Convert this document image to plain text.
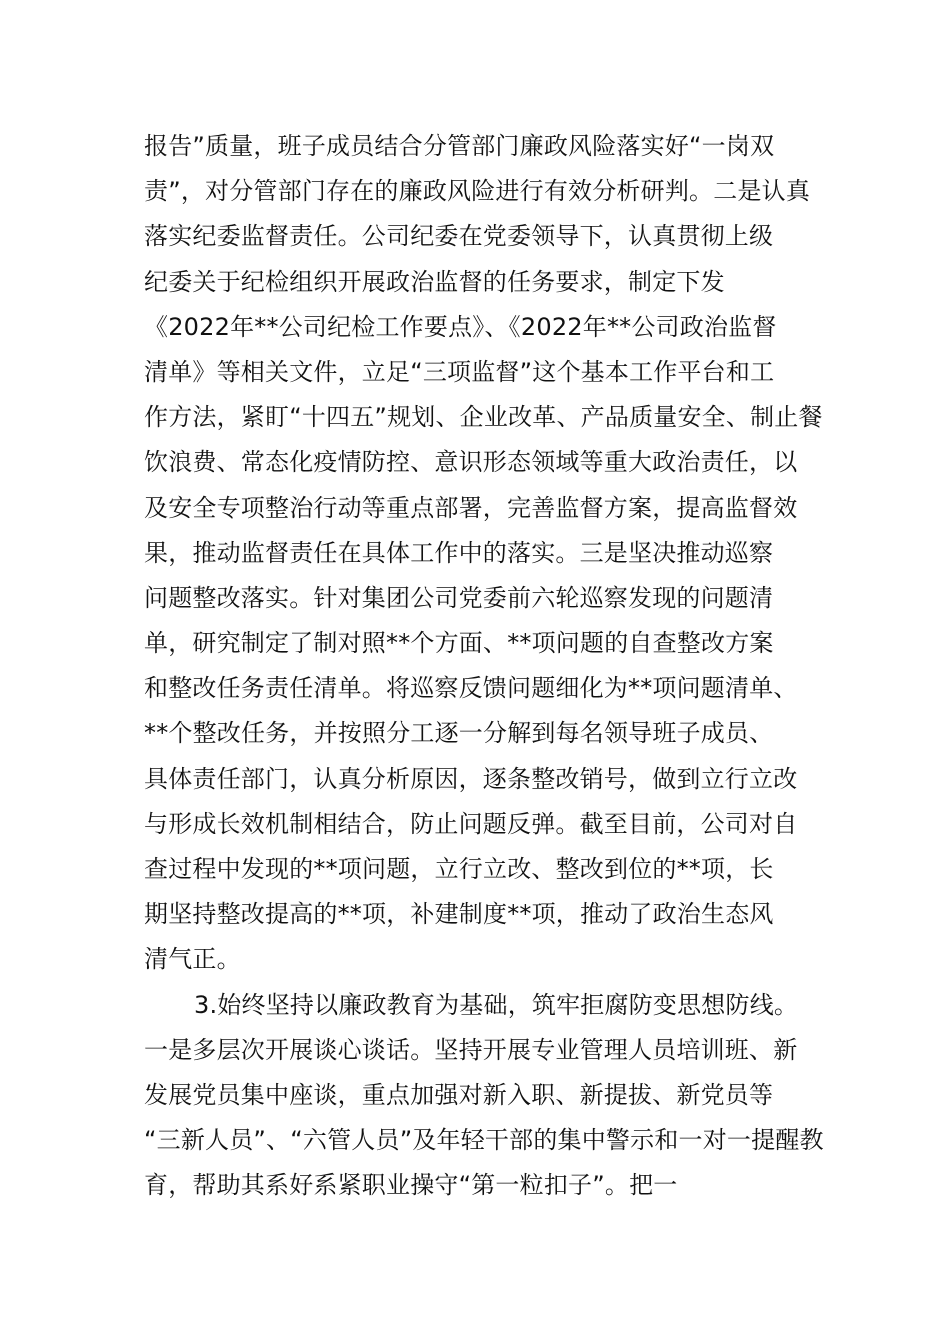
报告”质量，班子成员结合分管部门廉政风险落实好“一岗双
责”，对分管部门存在的廉政风险进行有效分析研判。二是认真
落实纪委监督责任。公司纪委在党委领导下，认真贯彻上级
纪委关于纪检组织开展政治监督的任务要求，制定下发
《2022年**公司纪检工作要点》、《2022年**公司政治监督
清单》等相关文件，立足“三项监督”这个基本工作平台和工
作方法，紧盯“十四五”规划、企业改革、产品质量安全、制止餐
饮浪费、常态化疫情防控、意识形态领域等重大政治责任，以
及安全专项整治行动等重点部署，完善监督方案，提高监督效
果，推动监督责任在具体工作中的落实。三是坚决推动巡察
问题整改落实。针对集团公司党委前六轮巡察发现的问题清
单，研究制定了制对照**个方面、**项问题的自查整改方案
和整改任务责任清单。将巡察反馈问题细化为**项问题清单、
**个整改任务，并按照分工逐一分解到每名领导班子成员、
具体责任部门，认真分析原因，逐条整改销号，做到立行立改
与形成长效机制相结合，防止问题反弹。截至目前，公司对自
查过程中发现的**项问题，立行立改、整改到位的**项，长
期坚持整改提高的**项，补建制度**项，推动了政治生态风
清气正。
3.始终坚持以廉政教育为基础，筑牢拒腐防变思想防线。
一是多层次开展谈心谈话。坚持开展专业管理人员培训班、新
发展党员集中座谈，重点加强对新入职、新提拔、新党员等
“三新人员”、“六管人员”及年轻干部的集中警示和一对一提醒教
育，帮助其系好系紧职业操守“第一粒扣子”。把一
